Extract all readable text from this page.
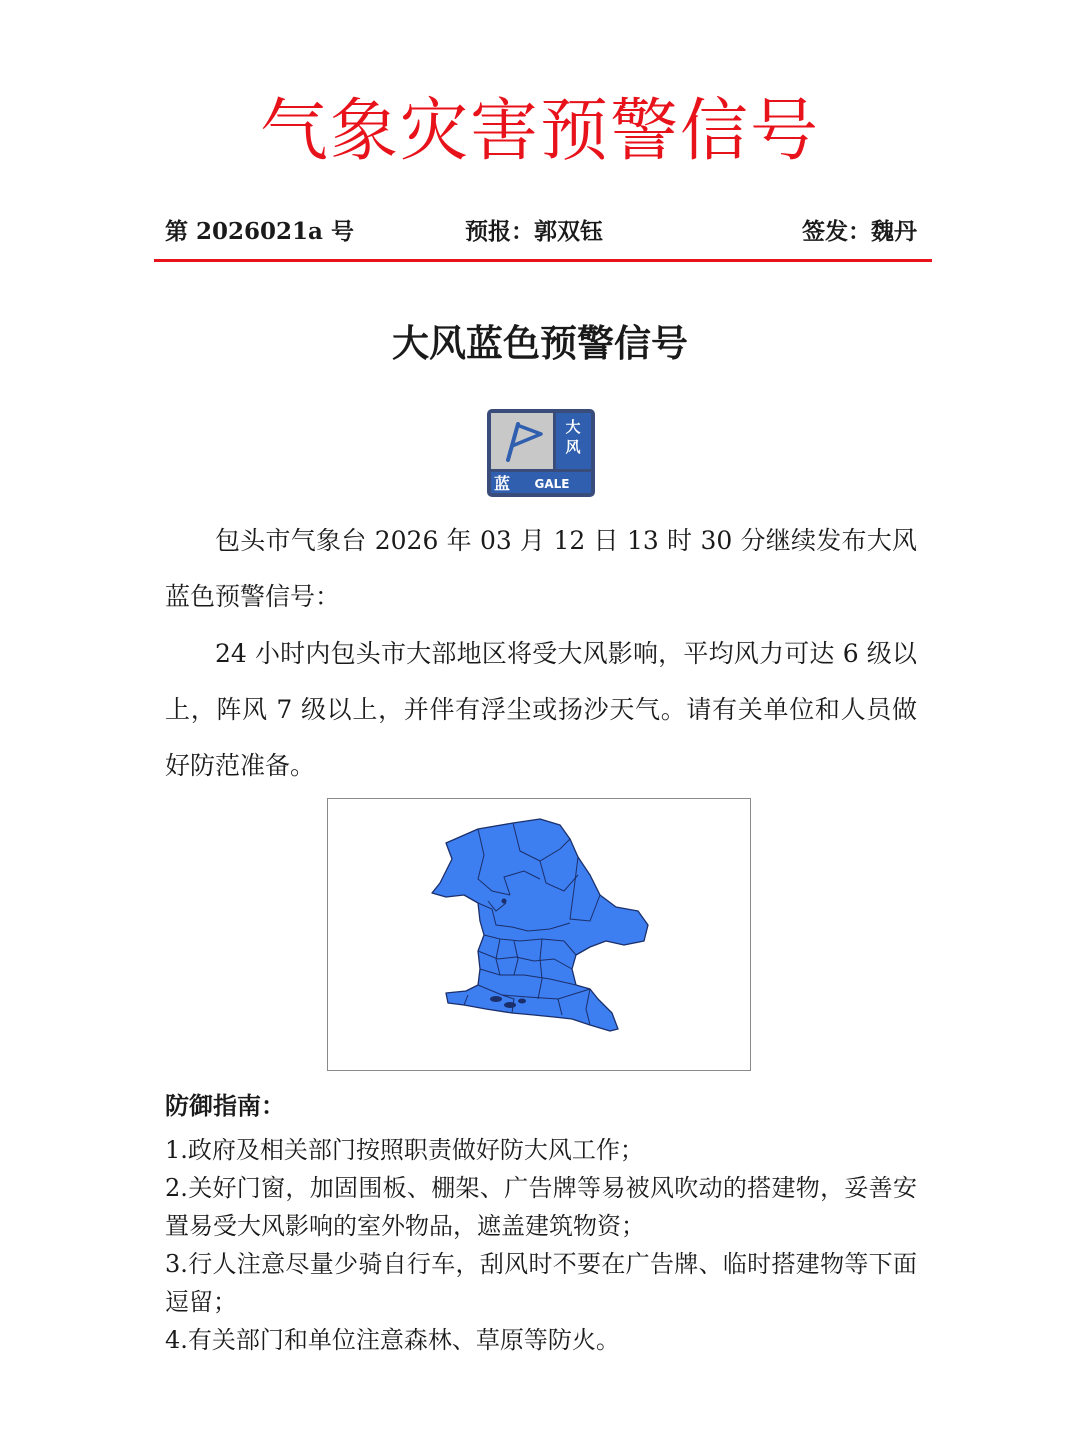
气象灾害预警信号
第 2026021a 号	预报：郭双钰	签发：魏丹
大风蓝色预警信号
大风
蓝 GALE

包头市气象台 2026 年 03 月 12 日 13 时 30 分继续发布大风蓝色预警信号：

24 小时内包头市大部地区将受大风影响，平均风力可达 6 级以上，阵风 7 级以上，并伴有浮尘或扬沙天气。请有关单位和人员做好防范准备。

防御指南：
1.政府及相关部门按照职责做好防大风工作；
2.关好门窗，加固围板、棚架、广告牌等易被风吹动的搭建物，妥善安置易受大风影响的室外物品，遮盖建筑物资；
3.行人注意尽量少骑自行车，刮风时不要在广告牌、临时搭建物等下面逗留；
4.有关部门和单位注意森林、草原等防火。
